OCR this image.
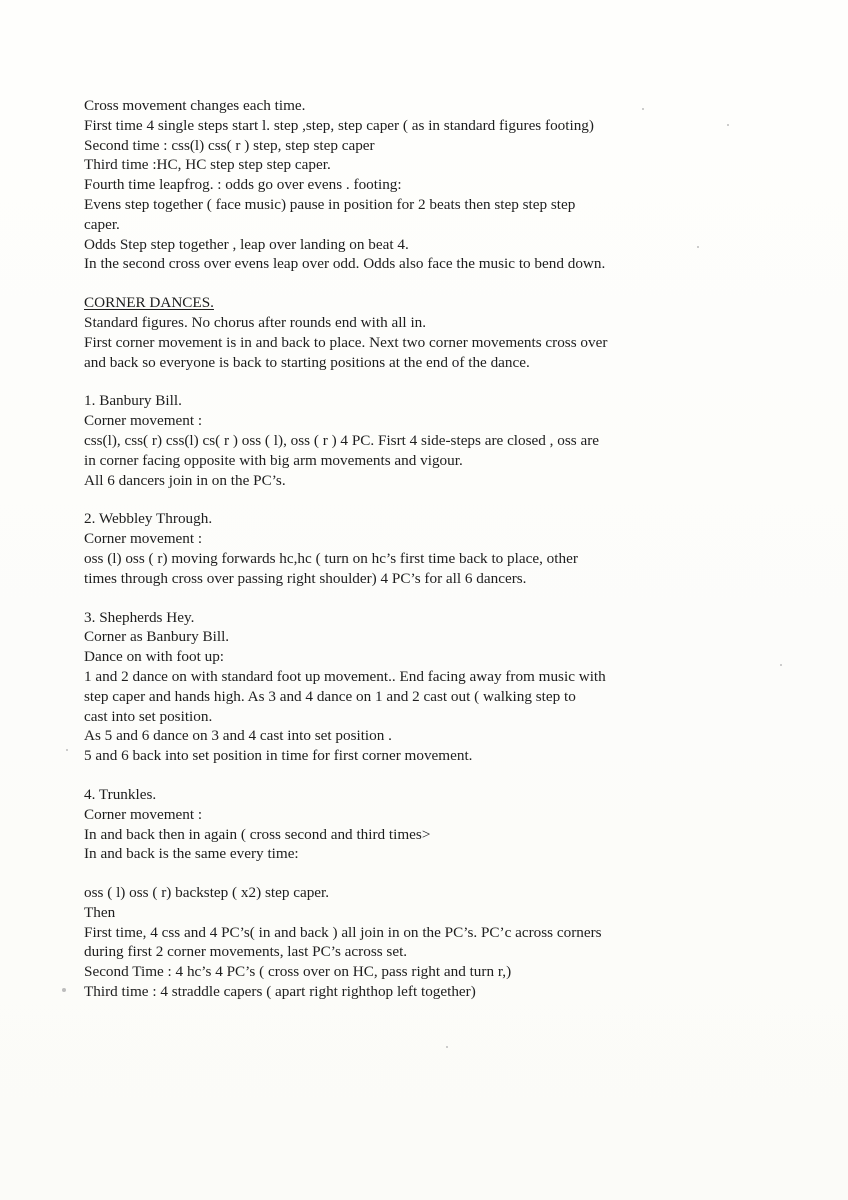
Cross movement changes each time.
First time 4 single steps start l. step ,step, step caper ( as in standard figures footing)
Second time : css(l) css( r ) step, step step caper
Third time :HC, HC step step step caper.
Fourth time leapfrog. : odds go over evens . footing:
Evens step together ( face music) pause in position for 2 beats then step step step
caper.
Odds Step step together , leap over landing on beat 4.
In the second cross over evens leap over odd. Odds also face the music to bend down.
CORNER DANCES.
Standard figures. No chorus after rounds end with all in.
First corner movement is in and back to place. Next two corner movements cross over
and back so everyone is back to starting positions at the end of the dance.
1. Banbury Bill.
Corner movement :
css(l), css( r) css(l) cs( r ) oss ( l), oss ( r ) 4 PC. Fisrt 4 side-steps are closed , oss are
in corner facing opposite with big arm movements and vigour.
All 6 dancers join in on the PC’s.
2. Webbley Through.
Corner movement :
oss (l) oss ( r) moving forwards hc,hc ( turn on hc’s first time back to place, other
times through cross over passing right shoulder) 4 PC’s for all 6 dancers.
3. Shepherds Hey.
Corner as Banbury Bill.
Dance on with foot up:
1 and 2 dance on with standard foot up movement.. End facing away from music with
step caper and hands high. As 3 and 4 dance on 1 and 2 cast out ( walking step to
cast into set position.
As 5 and 6 dance on 3 and 4 cast into set position .
5 and 6 back into set position in time for first corner movement.
4. Trunkles.
Corner movement :
In and back then in again ( cross second and third times>
In and back is the same every time:
oss ( l) oss ( r) backstep ( x2) step caper.
Then
First time, 4 css and 4 PC’s( in and back ) all join in on the PC’s. PC’c across corners
during first 2 corner movements, last PC’s across set.
Second Time : 4 hc’s 4 PC’s ( cross over on HC, pass right and turn r,)
Third time : 4 straddle capers ( apart right righthop left together)
